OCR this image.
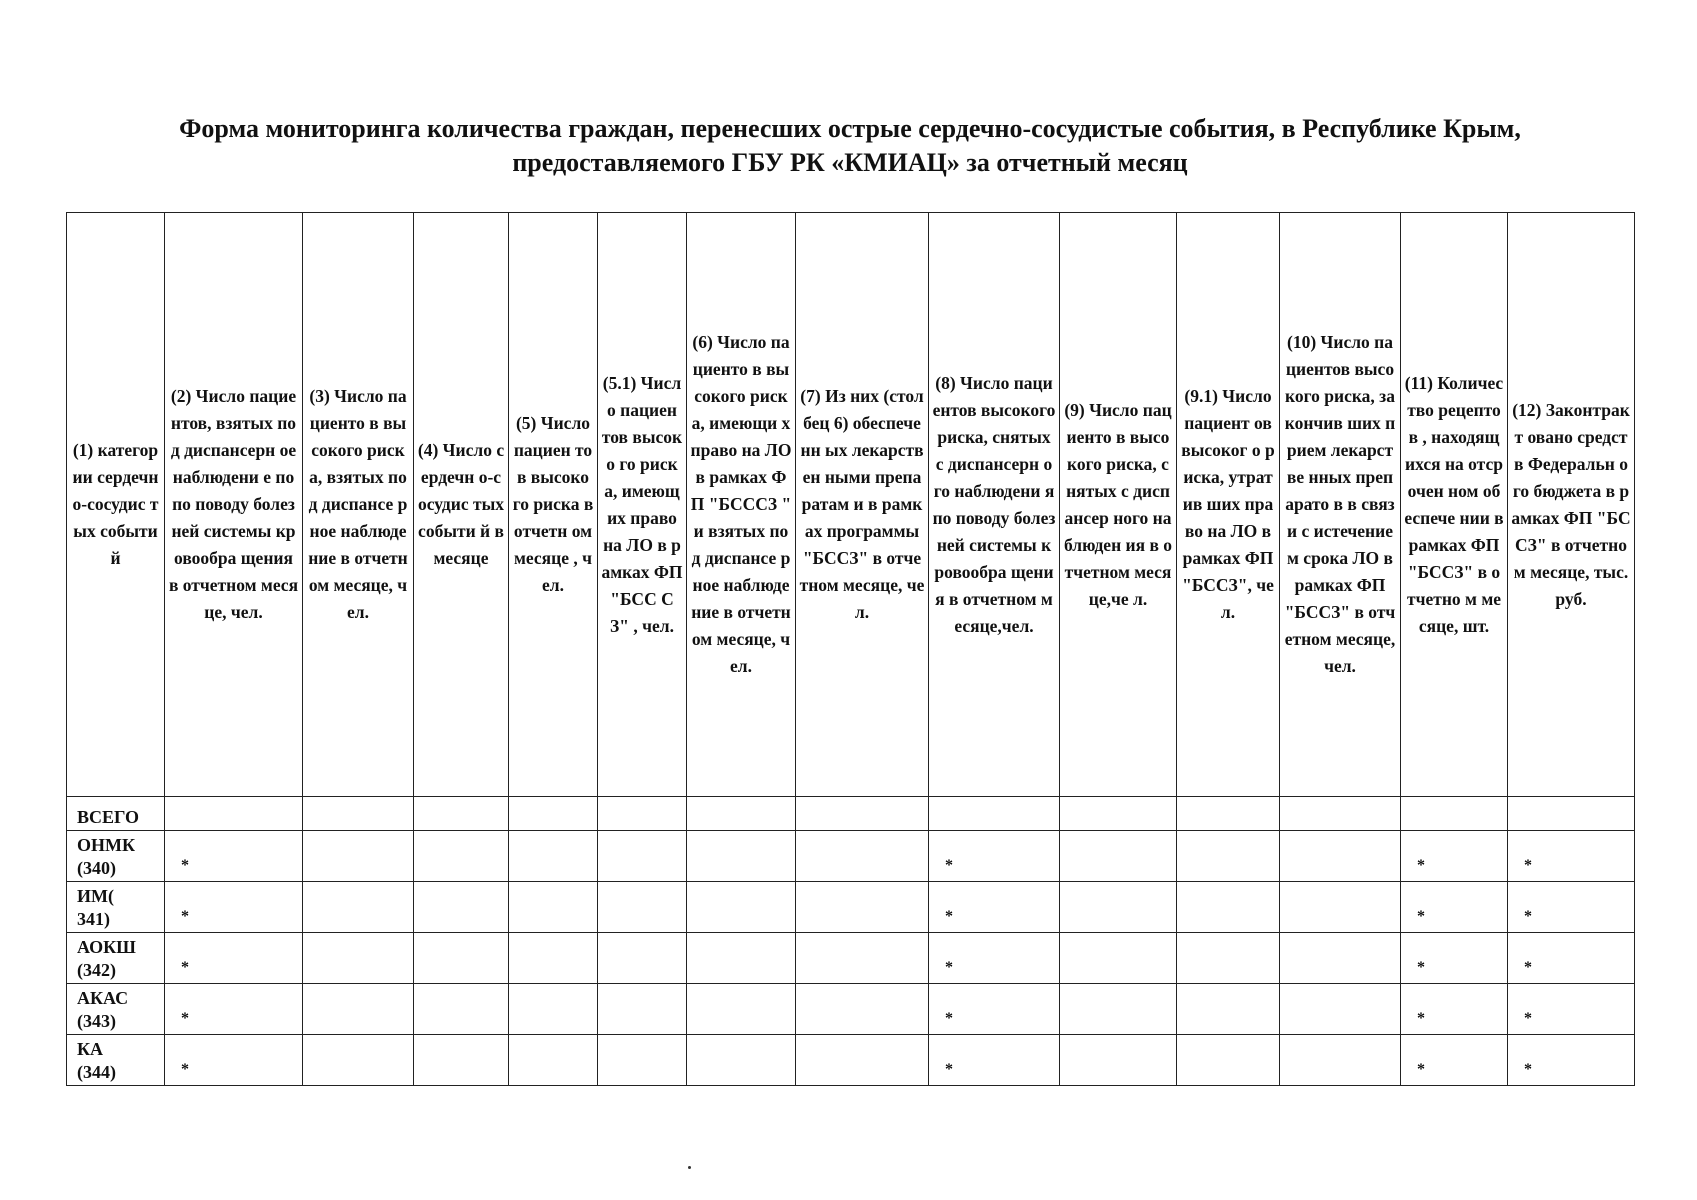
Форма мониторинга количества граждан, перенесших острые сердечно-сосудистые события, в Республике Крым,
предоставляемого ГБУ РК «КМИАЦ» за отчетный месяц
(1) категор ии сердечн о-сосудис тых событи й	(2) Число пациентов, взятых под диспансерн ое наблюдени е по по поводу болезней системы кровообра щения в отчетном месяце, чел.	(3) Число пациенто в высокого риска, взятых под диспансе рное наблюде ние в отчетном месяце, чел.	(4) Число сердечн о-сосудис тых событи й в месяце	(5) Число пациен тов высоко го риска в отчетн ом месяце , чел.	(5.1) Число пациен тов высоко го риска, имеющ их право на ЛО в рамках ФП "БСС СЗ" , чел.	(6) Число пациенто в высокого риска, имеющи х право на ЛО в рамках ФП "БСССЗ " и взятых под диспансе рное наблюде ние в отчетном месяце, чел.	(7) Из них (столбец 6) обеспеченн ых лекарствен ными препаратам и в рамках программы "БССЗ" в отчетном месяце, чел.	(8) Число пациентов высокого риска, снятых с диспансерн ого наблюдени я по поводу болезней системы кровообра щения в отчетном месяце,чел.	(9) Число пациенто в высокого риска, снятых с диспансер ного наблюден ия в отчетном месяце,че л.	(9.1) Число пациент ов высоког о риска, утратив ших право на ЛО в рамках ФП "БССЗ", чел.	(10) Число пациентов высокого риска, закончив ших прием лекарстве нных препарато в в связи с истечение м срока ЛО в рамках ФП "БССЗ" в отчетном месяце, чел.	(11) Количес тво рецептов , находящ ихся на отсрочен ном обеспече нии в рамках ФП "БССЗ" в отчетно м месяце, шт.	(12) Законтракт овано средств Федеральн ого бюджета в рамках ФП "БССЗ" в отчетном месяце, тыс. руб.
ВСЕГО													

ОНМК
(340)	*							*				*	*

ИМ(
341)	*							*				*	*

АОКШ
(342)	*							*				*	*

АКАС
(343)	*							*				*	*

КА
(344)	*							*				*	*
